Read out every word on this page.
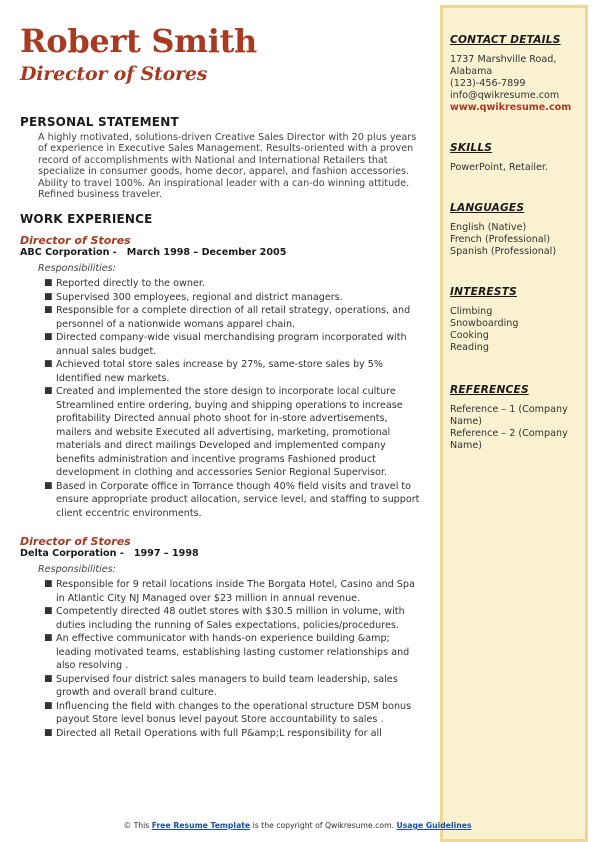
Robert Smith
Director of Stores
PERSONAL STATEMENT
A highly motivated, solutions-driven Creative Sales Director with 20 plus years of experience in Executive Sales Management. Results-oriented with a proven record of accomplishments with National and International Retailers that specialize in consumer goods, home decor, apparel, and fashion accessories. Ability to travel 100%. An inspirational leader with a can-do winning attitude. Refined business traveler.
WORK EXPERIENCE
Director of Stores
ABC Corporation -   March 1998 – December 2005
Responsibilities:
■ Reported directly to the owner.
■ Supervised 300 employees, regional and district managers.
■ Responsible for a complete direction of all retail strategy, operations, and personnel of a nationwide womans apparel chain.
■ Directed company-wide visual merchandising program incorporated with annual sales budget.
■ Achieved total store sales increase by 27%, same-store sales by 5% Identified new markets.
■ Created and implemented the store design to incorporate local culture Streamlined entire ordering, buying and shipping operations to increase profitability Directed annual photo shoot for in-store advertisements, mailers and website Executed all advertising, marketing, promotional materials and direct mailings Developed and implemented company benefits administration and incentive programs Fashioned product development in clothing and accessories Senior Regional Supervisor.
■ Based in Corporate office in Torrance though 40% field visits and travel to ensure appropriate product allocation, service level, and staffing to support client eccentric environments.
Director of Stores
Delta Corporation -   1997 – 1998
Responsibilities:
■ Responsible for 9 retail locations inside The Borgata Hotel, Casino and Spa in Atlantic City NJ Managed over $23 million in annual revenue.
■ Competently directed 48 outlet stores with $30.5 million in volume, with duties including the running of Sales expectations, policies/procedures.
■ An effective communicator with hands-on experience building &amp; leading motivated teams, establishing lasting customer relationships and also resolving .
■ Supervised four district sales managers to build team leadership, sales growth and overall brand culture.
■ Influencing the field with changes to the operational structure DSM bonus payout Store level bonus level payout Store accountability to sales .
■ Directed all Retail Operations with full P&amp;L responsibility for all
CONTACT DETAILS
1737 Marshville Road, Alabama
(123)-456-7899
info@qwikresume.com
www.qwikresume.com
SKILLS
PowerPoint, Retailer.
LANGUAGES
English (Native)
French (Professional)
Spanish (Professional)
INTERESTS
Climbing
Snowboarding
Cooking
Reading
REFERENCES
Reference – 1 (Company Name)
Reference – 2 (Company Name)
© This Free Resume Template is the copyright of Qwikresume.com. Usage Guidelines
